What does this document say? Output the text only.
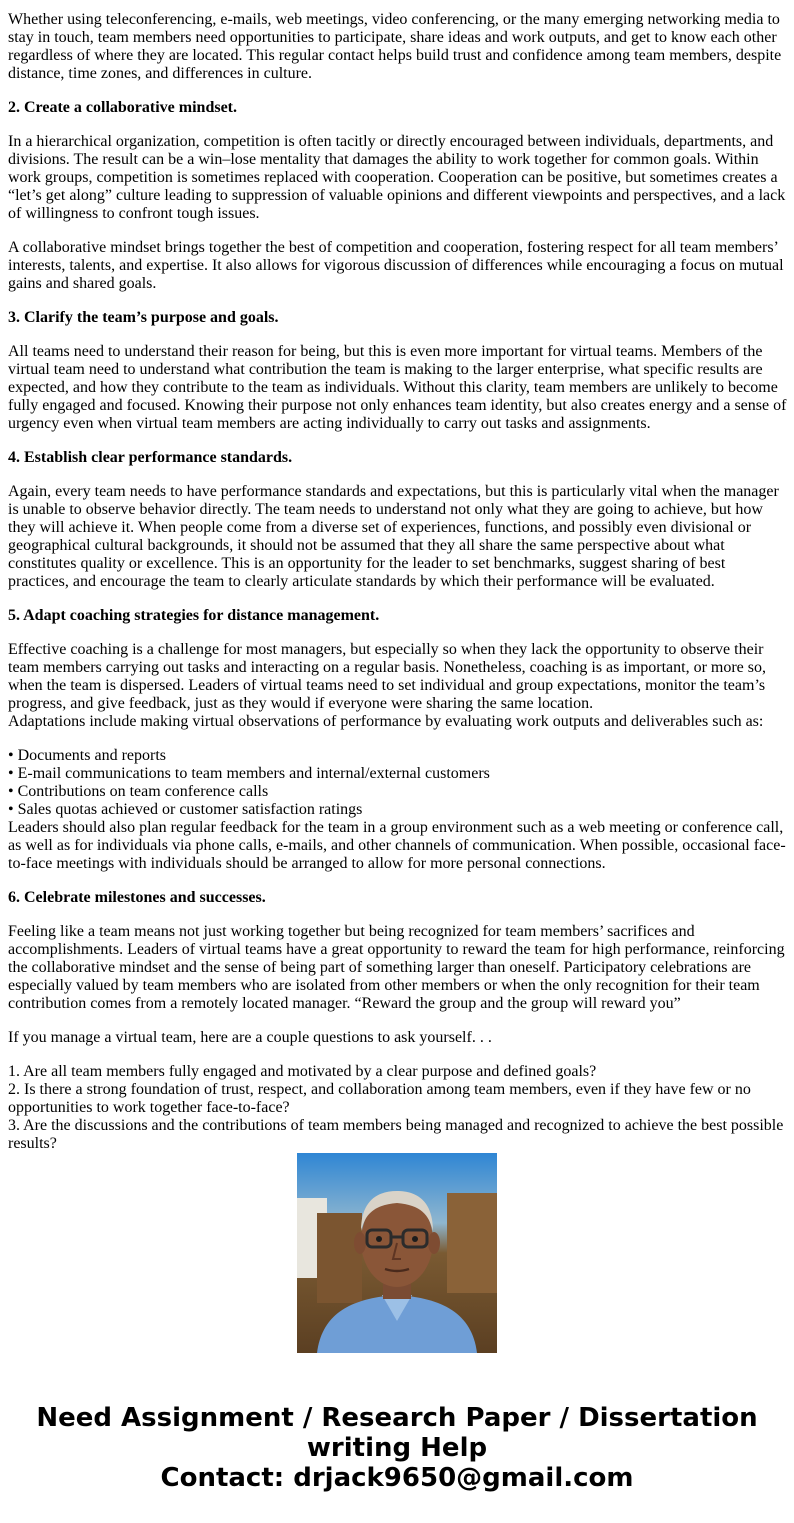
Whether using teleconferencing, e-mails, web meetings, video conferencing, or the many emerging networking media to stay in touch, team members need opportunities to participate, share ideas and work outputs, and get to know each other regardless of where they are located. This regular contact helps build trust and confidence among team members, despite distance, time zones, and differences in culture.

2. Create a collaborative mindset.

In a hierarchical organization, competition is often tacitly or directly encouraged between individuals, departments, and divisions. The result can be a win–lose mentality that damages the ability to work together for common goals. Within work groups, competition is sometimes replaced with cooperation. Cooperation can be positive, but sometimes creates a “let’s get along” culture leading to suppression of valuable opinions and different viewpoints and perspectives, and a lack of willingness to confront tough issues.

A collaborative mindset brings together the best of competition and cooperation, fostering respect for all team members’ interests, talents, and expertise. It also allows for vigorous discussion of differences while encouraging a focus on mutual gains and shared goals.

3. Clarify the team’s purpose and goals.

All teams need to understand their reason for being, but this is even more important for virtual teams. Members of the virtual team need to understand what contribution the team is making to the larger enterprise, what specific results are expected, and how they contribute to the team as individuals. Without this clarity, team members are unlikely to become fully engaged and focused. Knowing their purpose not only enhances team identity, but also creates energy and a sense of urgency even when virtual team members are acting individually to carry out tasks and assignments.

4. Establish clear performance standards.

Again, every team needs to have performance standards and expectations, but this is particularly vital when the manager is unable to observe behavior directly. The team needs to understand not only what they are going to achieve, but how they will achieve it. When people come from a diverse set of experiences, functions, and possibly even divisional or geographical cultural backgrounds, it should not be assumed that they all share the same perspective about what constitutes quality or excellence. This is an opportunity for the leader to set benchmarks, suggest sharing of best practices, and encourage the team to clearly articulate standards by which their performance will be evaluated.

5. Adapt coaching strategies for distance management.

Effective coaching is a challenge for most managers, but especially so when they lack the opportunity to observe their team members carrying out tasks and interacting on a regular basis. Nonetheless, coaching is as important, or more so, when the team is dispersed. Leaders of virtual teams need to set individual and group expectations, monitor the team’s progress, and give feedback, just as they would if everyone were sharing the same location.

Adaptations include making virtual observations of performance by evaluating work outputs and deliverables such as:

• Documents and reports
• E-mail communications to team members and internal/external customers
• Contributions on team conference calls
• Sales quotas achieved or customer satisfaction ratings

Leaders should also plan regular feedback for the team in a group environment such as a web meeting or conference call, as well as for individuals via phone calls, e-mails, and other channels of communication. When possible, occasional face-to-face meetings with individuals should be arranged to allow for more personal connections.

6. Celebrate milestones and successes.

Feeling like a team means not just working together but being recognized for team members’ sacrifices and accomplishments. Leaders of virtual teams have a great opportunity to reward the team for high performance, reinforcing the collaborative mindset and the sense of being part of something larger than oneself. Participatory celebrations are especially valued by team members who are isolated from other members or when the only recognition for their team contribution comes from a remotely located manager. “Reward the group and the group will reward you”

If you manage a virtual team, here are a couple questions to ask yourself. . .

1. Are all team members fully engaged and motivated by a clear purpose and defined goals?
2. Is there a strong foundation of trust, respect, and collaboration among team members, even if they have few or no opportunities to work together face-to-face?
3. Are the discussions and the contributions of team members being managed and recognized to achieve the best possible results?
Need Assignment / Research Paper / Dissertation
writing Help
Contact: drjack9650@gmail.com
